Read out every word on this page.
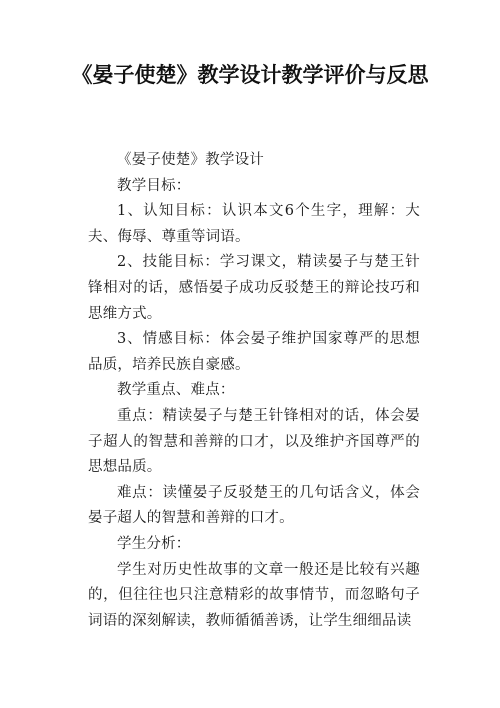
《晏子使楚》教学设计教学评价与反思

《晏子使楚》教学设计

教学目标：

1、认知目标：认识本文6个生字，理解：大夫、侮辱、尊重等词语。

2、技能目标：学习课文，精读晏子与楚王针锋相对的话，感悟晏子成功反驳楚王的辩论技巧和思维方式。

3、情感目标：体会晏子维护国家尊严的思想品质，培养民族自豪感。

教学重点、难点：

重点：精读晏子与楚王针锋相对的话，体会晏子超人的智慧和善辩的口才，以及维护齐国尊严的思想品质。

难点：读懂晏子反驳楚王的几句话含义，体会晏子超人的智慧和善辩的口才。

学生分析：

学生对历史性故事的文章一般还是比较有兴趣的，但往往也只注意精彩的故事情节，而忽略句子词语的深刻解读，教师循循善诱，让学生细细品读
